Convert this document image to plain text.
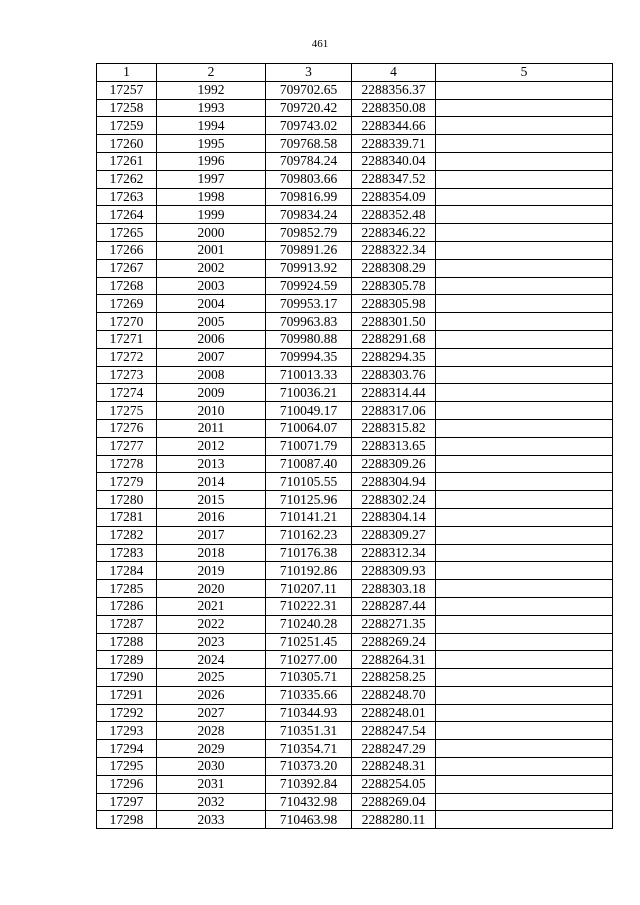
461
1	2	3	4	5
17257	1992	709702.65	2288356.37	
17258	1993	709720.42	2288350.08	
17259	1994	709743.02	2288344.66	
17260	1995	709768.58	2288339.71	
17261	1996	709784.24	2288340.04	
17262	1997	709803.66	2288347.52	
17263	1998	709816.99	2288354.09	
17264	1999	709834.24	2288352.48	
17265	2000	709852.79	2288346.22	
17266	2001	709891.26	2288322.34	
17267	2002	709913.92	2288308.29	
17268	2003	709924.59	2288305.78	
17269	2004	709953.17	2288305.98	
17270	2005	709963.83	2288301.50	
17271	2006	709980.88	2288291.68	
17272	2007	709994.35	2288294.35	
17273	2008	710013.33	2288303.76	
17274	2009	710036.21	2288314.44	
17275	2010	710049.17	2288317.06	
17276	2011	710064.07	2288315.82	
17277	2012	710071.79	2288313.65	
17278	2013	710087.40	2288309.26	
17279	2014	710105.55	2288304.94	
17280	2015	710125.96	2288302.24	
17281	2016	710141.21	2288304.14	
17282	2017	710162.23	2288309.27	
17283	2018	710176.38	2288312.34	
17284	2019	710192.86	2288309.93	
17285	2020	710207.11	2288303.18	
17286	2021	710222.31	2288287.44	
17287	2022	710240.28	2288271.35	
17288	2023	710251.45	2288269.24	
17289	2024	710277.00	2288264.31	
17290	2025	710305.71	2288258.25	
17291	2026	710335.66	2288248.70	
17292	2027	710344.93	2288248.01	
17293	2028	710351.31	2288247.54	
17294	2029	710354.71	2288247.29	
17295	2030	710373.20	2288248.31	
17296	2031	710392.84	2288254.05	
17297	2032	710432.98	2288269.04	
17298	2033	710463.98	2288280.11	
